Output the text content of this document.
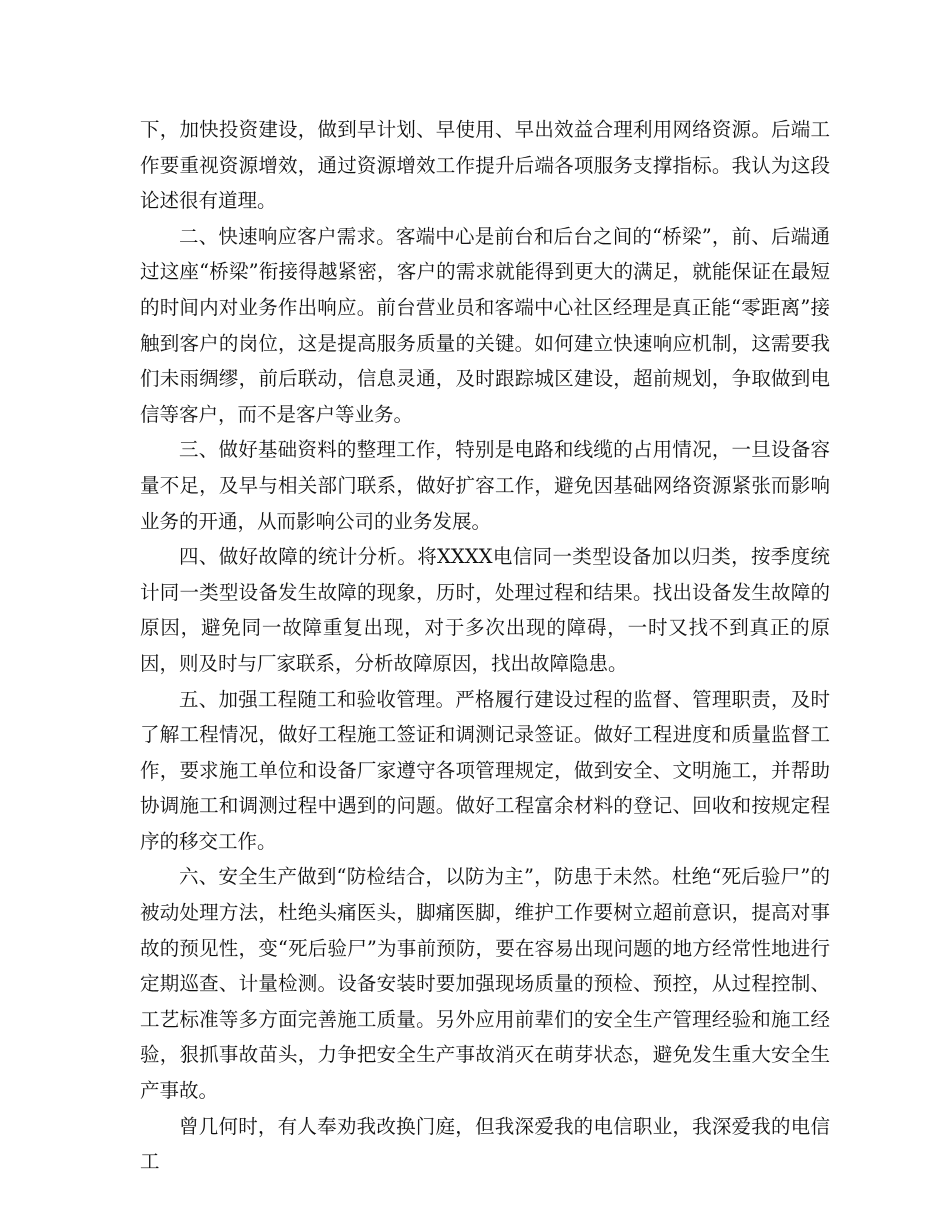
下，加快投资建设，做到早计划、早使用、早出效益合理利用网络资源。后端工作要重视资源增效，通过资源增效工作提升后端各项服务支撑指标。我认为这段论述很有道理。

二、快速响应客户需求。客端中心是前台和后台之间的“桥梁”，前、后端通过这座“桥梁”衔接得越紧密，客户的需求就能得到更大的满足，就能保证在最短的时间内对业务作出响应。前台营业员和客端中心社区经理是真正能“零距离”接触到客户的岗位，这是提高服务质量的关键。如何建立快速响应机制，这需要我们未雨绸缪，前后联动，信息灵通，及时跟踪城区建设，超前规划，争取做到电信等客户，而不是客户等业务。

三、做好基础资料的整理工作，特别是电路和线缆的占用情况，一旦设备容量不足，及早与相关部门联系，做好扩容工作，避免因基础网络资源紧张而影响业务的开通，从而影响公司的业务发展。

四、做好故障的统计分析。将XXXX电信同一类型设备加以归类，按季度统计同一类型设备发生故障的现象，历时，处理过程和结果。找出设备发生故障的原因，避免同一故障重复出现，对于多次出现的障碍，一时又找不到真正的原因，则及时与厂家联系，分析故障原因，找出故障隐患。

五、加强工程随工和验收管理。严格履行建设过程的监督、管理职责，及时了解工程情况，做好工程施工签证和调测记录签证。做好工程进度和质量监督工作，要求施工单位和设备厂家遵守各项管理规定，做到安全、文明施工，并帮助协调施工和调测过程中遇到的问题。做好工程富余材料的登记、回收和按规定程序的移交工作。

六、安全生产做到“防检结合，以防为主”，防患于未然。杜绝“死后验尸”的被动处理方法，杜绝头痛医头，脚痛医脚，维护工作要树立超前意识，提高对事故的预见性，变“死后验尸”为事前预防，要在容易出现问题的地方经常性地进行定期巡查、计量检测。设备安装时要加强现场质量的预检、预控，从过程控制、工艺标准等多方面完善施工质量。另外应用前辈们的安全生产管理经验和施工经验，狠抓事故苗头，力争把安全生产事故消灭在萌芽状态，避免发生重大安全生产事故。

曾几何时，有人奉劝我改换门庭，但我深爱我的电信职业，我深爱我的电信工
